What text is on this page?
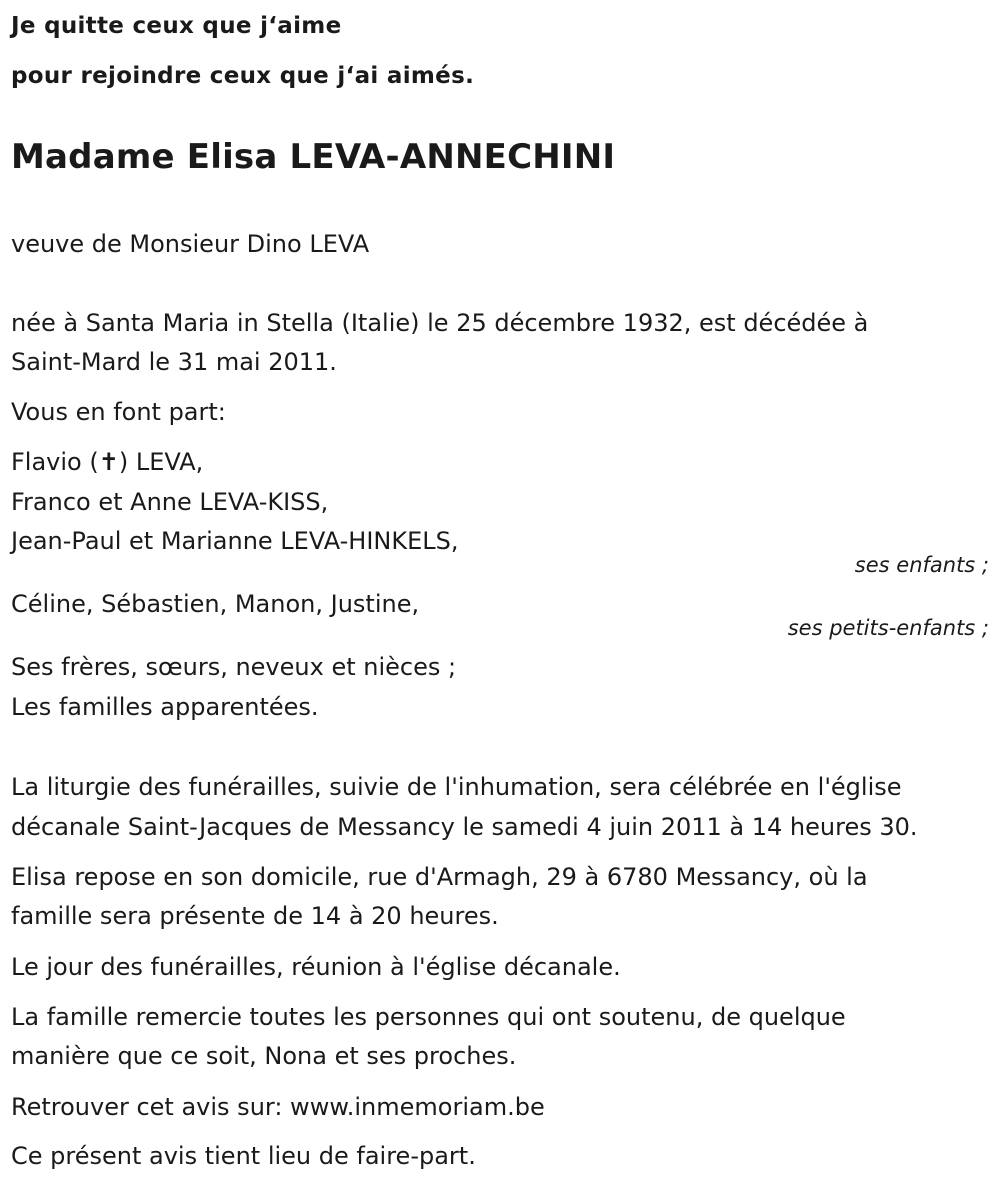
Je quitte ceux que j‘aime
pour rejoindre ceux que j‘ai aimés.
Madame Elisa LEVA-ANNECHINI
veuve de Monsieur Dino LEVA
née à Santa Maria in Stella (Italie) le 25 décembre 1932, est décédée à
Saint-Mard le 31 mai 2011.
Vous en font part:
Flavio (✝) LEVA,
Franco et Anne LEVA-KISS,
Jean-Paul et Marianne LEVA-HINKELS,
ses enfants ;
Céline, Sébastien, Manon, Justine,
ses petits-enfants ;
Ses frères, sœurs, neveux et nièces ;
Les familles apparentées.
La liturgie des funérailles, suivie de l'inhumation, sera célébrée en l'église
décanale Saint-Jacques de Messancy le samedi 4 juin 2011 à 14 heures 30.
Elisa repose en son domicile, rue d'Armagh, 29 à 6780 Messancy, où la
famille sera présente de 14 à 20 heures.
Le jour des funérailles, réunion à l'église décanale.
La famille remercie toutes les personnes qui ont soutenu, de quelque
manière que ce soit, Nona et ses proches.
Retrouver cet avis sur: www.inmemoriam.be
Ce présent avis tient lieu de faire-part.
